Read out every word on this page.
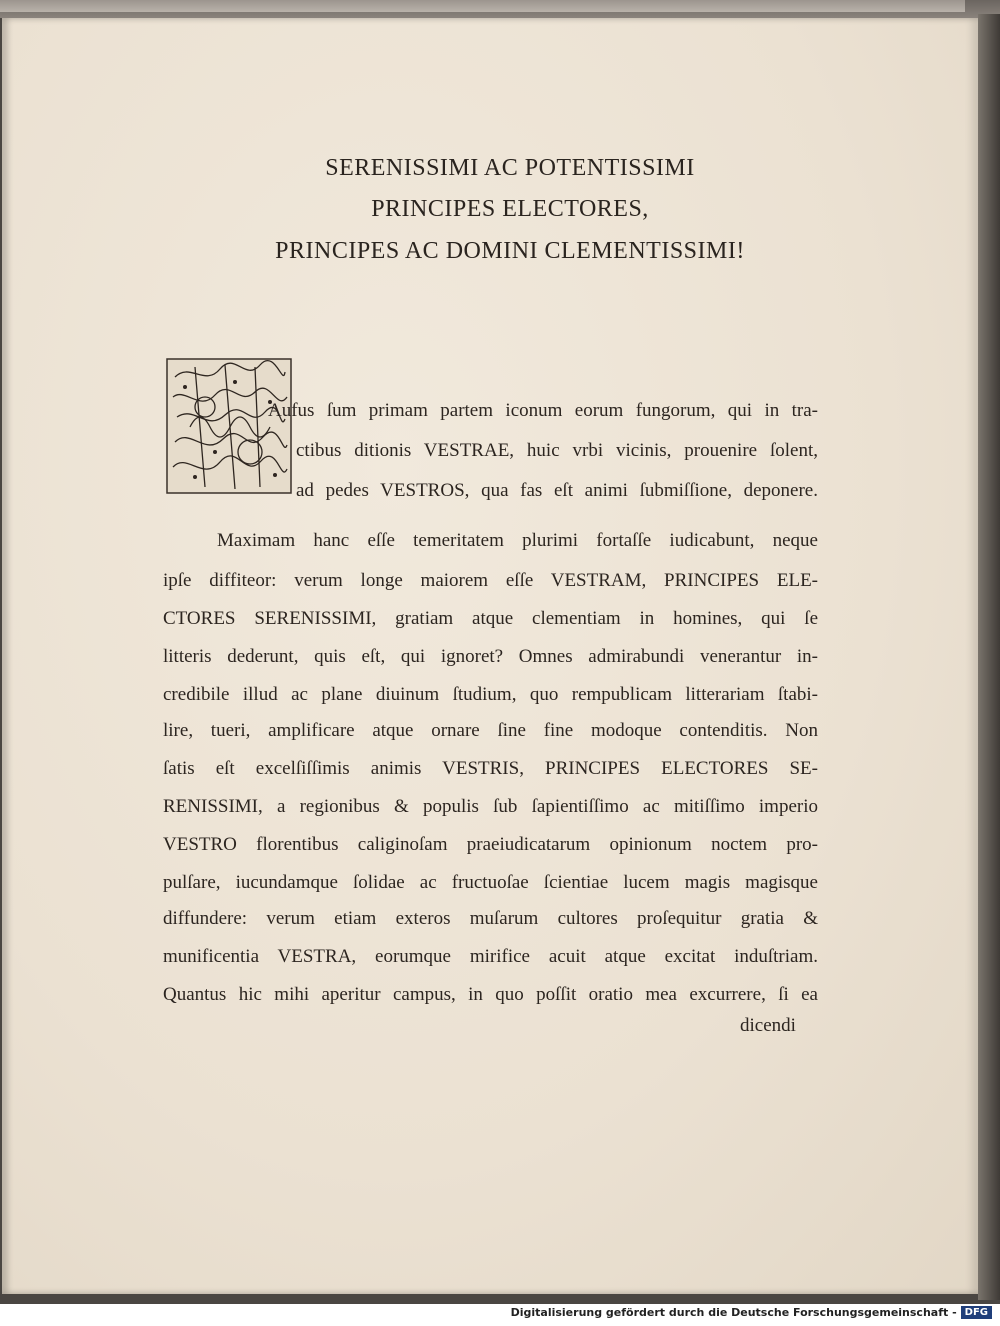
SERENISSIMI AC POTENTISSIMI
PRINCIPES ELECTORES,
PRINCIPES AC DOMINI CLEMENTISSIMI!
Aufus ſum primam partem iconum eorum fungorum, qui in tra-
ctibus ditionis VESTRAE, huic vrbi vicinis, prouenire ſolent,
ad pedes VESTROS, qua fas eſt animi ſubmiſſione, deponere.
Maximam hanc eſſe temeritatem plurimi fortaſſe iudicabunt, neque
ipſe diffiteor: verum longe maiorem eſſe VESTRAM, PRINCIPES ELE-
CTORES SERENISSIMI, gratiam atque clementiam in homines, qui ſe
litteris dederunt, quis eſt, qui ignoret? Omnes admirabundi venerantur in-
credibile illud ac plane diuinum ſtudium, quo rempublicam litterariam ſtabi-
lire, tueri, amplificare atque ornare ſine fine modoque contenditis. Non
ſatis eſt excelſiſſimis animis VESTRIS, PRINCIPES ELECTORES SE-
RENISSIMI, a regionibus & populis ſub ſapientiſſimo ac mitiſſimo imperio
VESTRO florentibus caliginoſam praeiudicatarum opinionum noctem pro-
pulſare, iucundamque ſolidae ac fructuoſae ſcientiae lucem magis magisque
diffundere: verum etiam exteros muſarum cultores proſequitur gratia &
munificentia VESTRA, eorumque mirifice acuit atque excitat induſtriam.
Quantus hic mihi aperitur campus, in quo poſſit oratio mea excurrere, ſi ea
dicendi
Digitalisierung gefördert durch die Deutsche Forschungsgemeinschaft - DFG
